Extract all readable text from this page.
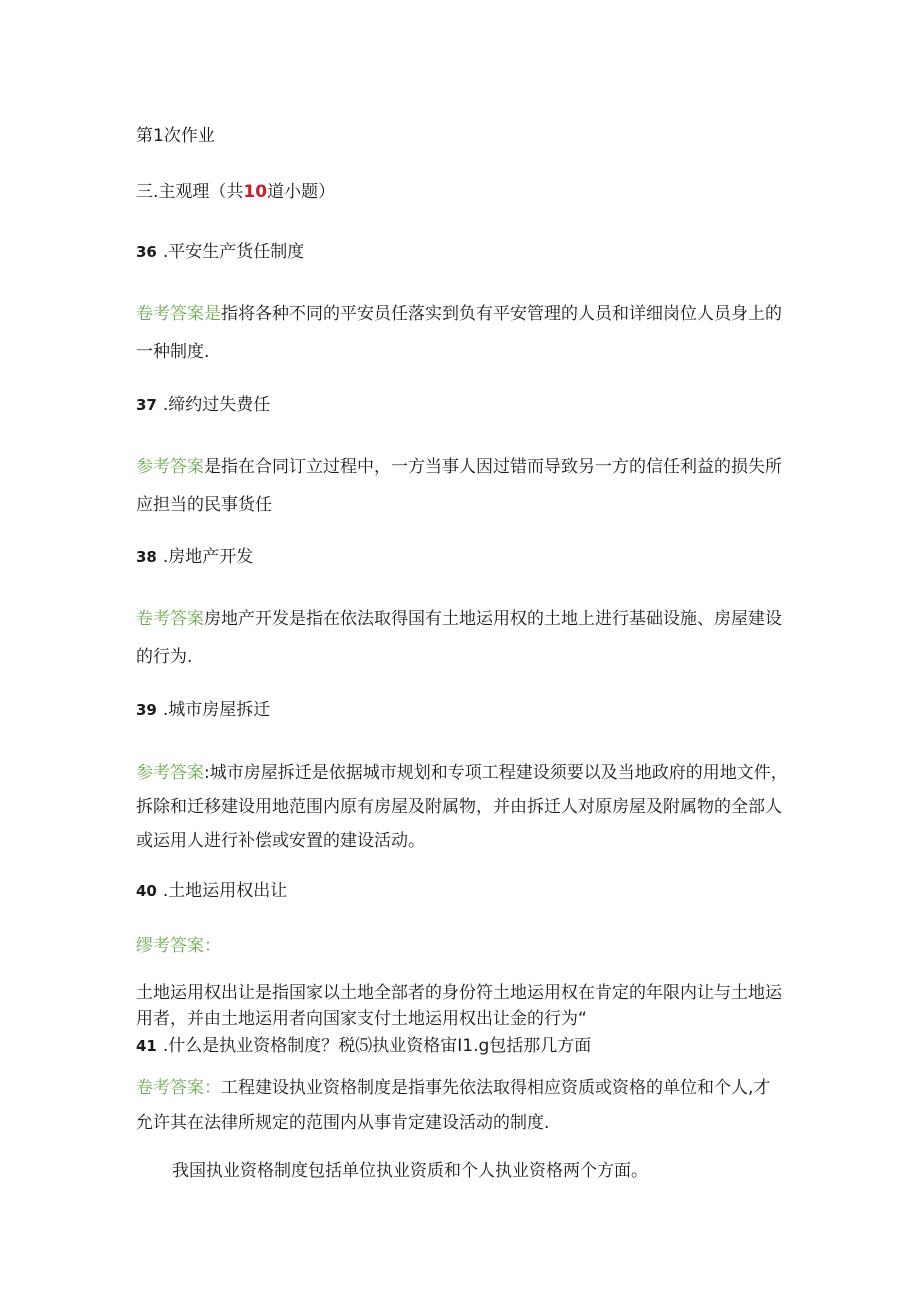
第1次作业
三.主观理（共10道小题）
36 .平安生产货任制度
卷考答案是指将各种不同的平安员任落实到负有平安管理的人员和详细岗位人员身上的
一种制度.
37 .缔约过失费任
参考答案是指在合同订立过程中，一方当事人因过错而导致另一方的信任利益的损失所
应担当的民事货任
38 .房地产开发
卷考答案房地产开发是指在依法取得国有土地运用权的土地上进行基础设施、房屋建设
的行为.
39 .城市房屋拆迁
参考答案:城市房屋拆迁是依据城市规划和专项工程建设须要以及当地政府的用地文件，
拆除和迁移建设用地范围内原有房屋及附属物，并由拆迁人对原房屋及附属物的全部人
或运用人进行补偿或安置的建设活动。
40 .土地运用权出让
缪考答案：
土地运用权出让是指国家以土地全部者的身份符土地运用权在肯定的年限内让与土地运
用者，并由土地运用者向国家支付土地运用权出让金的行为“
41 .什么是执业资格制度？税⑸执业资格宙I1.g包括那几方面
卷考答案：工程建设执业资格制度是指事先依法取得相应资质或资格的单位和个人,才
允许其在法律所规定的范围内从事肯定建设活动的制度.
我国执业资格制度包括单位执业资质和个人执业资格两个方面。
